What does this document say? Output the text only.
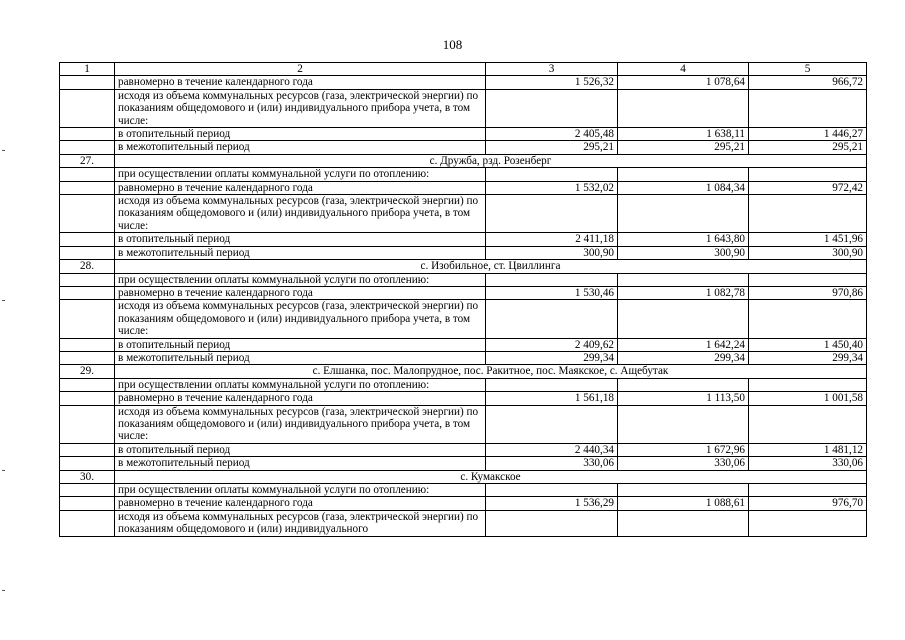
108
1	2	3	4	5
	равномерно в течение календарного года	1 526,32	1 078,64	966,72
	исходя из объема коммунальных ресурсов (газа, электрической энергии) по показаниям общедомового и (или) индивидуального прибора учета, в том числе:			
	в отопительный период	2 405,48	1 638,11	1 446,27
	в межотопительный период	295,21	295,21	295,21
27.	с. Дружба, рзд. Розенберг			
	при осуществлении оплаты коммунальной услуги по отоплению:			
	равномерно в течение календарного года	1 532,02	1 084,34	972,42
	исходя из объема коммунальных ресурсов (газа, электрической энергии) по показаниям общедомового и (или) индивидуального прибора учета, в том числе:			
	в отопительный период	2 411,18	1 643,80	1 451,96
	в межотопительный период	300,90	300,90	300,90
28.	с. Изобильное, ст. Цвиллинга			
	при осуществлении оплаты коммунальной услуги по отоплению:			
	равномерно в течение календарного года	1 530,46	1 082,78	970,86
	исходя из объема коммунальных ресурсов (газа, электрической энергии) по показаниям общедомового и (или) индивидуального прибора учета, в том числе:			
	в отопительный период	2 409,62	1 642,24	1 450,40
	в межотопительный период	299,34	299,34	299,34
29.	с. Елшанка, пос. Малопрудное, пос. Ракитное, пос. Маякское, с. Ащебутак			
	при осуществлении оплаты коммунальной услуги по отоплению:			
	равномерно в течение календарного года	1 561,18	1 113,50	1 001,58
	исходя из объема коммунальных ресурсов (газа, электрической энергии) по показаниям общедомового и (или) индивидуального прибора учета, в том числе:			
	в отопительный период	2 440,34	1 672,96	1 481,12
	в межотопительный период	330,06	330,06	330,06
30.	с. Кумакское			
	при осуществлении оплаты коммунальной услуги по отоплению:			
	равномерно в течение календарного года	1 536,29	1 088,61	976,70
	исходя из объема коммунальных ресурсов (газа, электрической энергии) по показаниям общедомового и (или) индивидуального			
